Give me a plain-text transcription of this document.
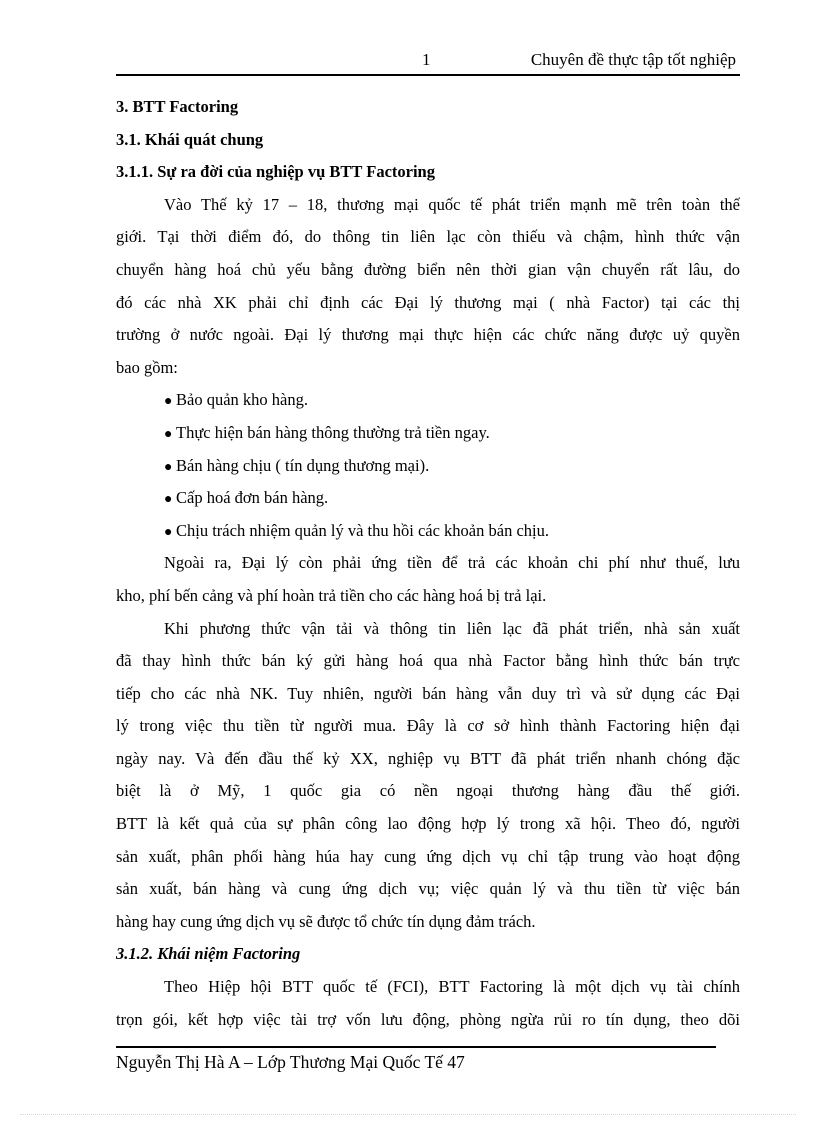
1	Chuyên đề thực tập tốt nghiệp
3. BTT Factoring
3.1. Khái quát chung
3.1.1. Sự ra đời của nghiệp vụ BTT Factoring
Vào Thế kỷ 17 – 18, thương mại quốc tế phát triển mạnh mẽ trên toàn thế
giới. Tại thời điểm đó, do thông tin liên lạc còn thiếu và chậm, hình thức vận
chuyển hàng hoá chủ yếu bằng đường biển nên thời gian vận chuyển rất lâu, do
đó các nhà XK phải chỉ định các Đại lý thương mại ( nhà Factor) tại các thị
trường ở nước ngoài. Đại lý thương mại thực hiện các chức năng được uỷ quyền
bao gồm:
● Bảo quản kho hàng.
● Thực hiện bán hàng thông thường trả tiền ngay.
● Bán hàng chịu ( tín dụng thương mại).
● Cấp hoá đơn bán hàng.
● Chịu trách nhiệm quản lý và thu hồi các khoản bán chịu.
Ngoài ra, Đại lý còn phải ứng tiền để trả các khoản chi phí như thuế, lưu
kho, phí bến cảng và phí hoàn trả tiền cho các hàng hoá bị trả lại.
Khi phương thức vận tải và thông tin liên lạc đã phát triển, nhà sản xuất
đã thay hình thức bán ký gửi hàng hoá qua nhà Factor bằng hình thức bán trực
tiếp cho các nhà NK. Tuy nhiên, người bán hàng vẫn duy trì và sử dụng các Đại
lý trong việc thu tiền từ người mua. Đây là cơ sở hình thành Factoring hiện đại
ngày nay. Và đến đầu thế kỷ XX, nghiệp vụ BTT đã phát triển nhanh chóng đặc
biệt là ở Mỹ, 1 quốc gia có nền ngoại thương hàng đầu thế giới.
BTT là kết quả của sự phân công lao động hợp lý trong xã hội. Theo đó, người
sản xuất, phân phối hàng húa hay cung ứng dịch vụ chỉ tập trung vào hoạt động
sản xuất, bán hàng và cung ứng dịch vụ; việc quản lý và thu tiền từ việc bán
hàng hay cung ứng dịch vụ sẽ được tổ chức tín dụng đảm trách.
3.1.2. Khái niệm Factoring
Theo Hiệp hội BTT quốc tế (FCI), BTT Factoring là một dịch vụ tài chính
trọn gói, kết hợp việc tài trợ vốn lưu động, phòng ngừa rủi ro tín dụng, theo dõi
Nguyễn Thị Hà A – Lớp Thương Mại Quốc Tế 47
